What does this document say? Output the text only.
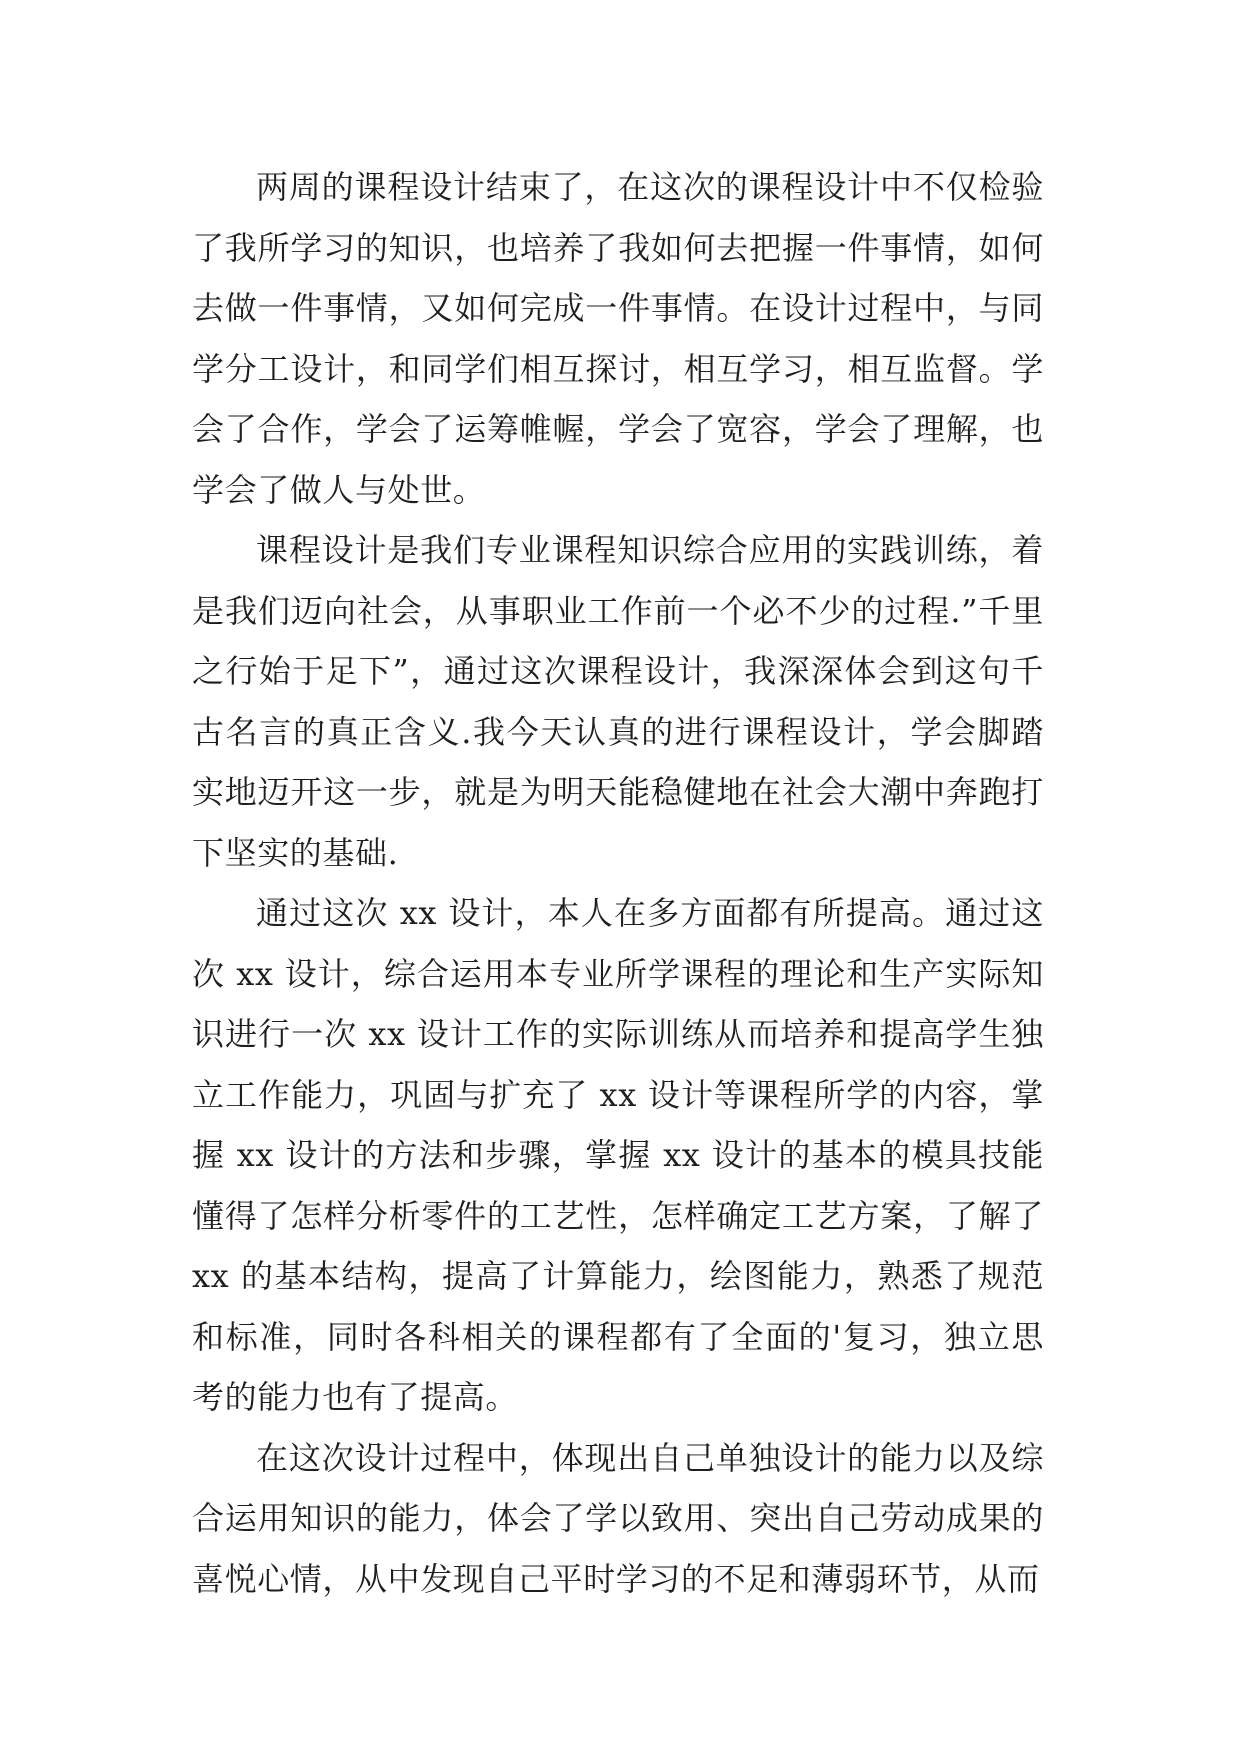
两周的课程设计结束了，在这次的课程设计中不仅检验了我所学习的知识，也培养了我如何去把握一件事情，如何去做一件事情，又如何完成一件事情。在设计过程中，与同学分工设计，和同学们相互探讨，相互学习，相互监督。学会了合作，学会了运筹帷幄，学会了宽容，学会了理解，也学会了做人与处世。

课程设计是我们专业课程知识综合应用的实践训练，着是我们迈向社会，从事职业工作前一个必不少的过程.”千里之行始于足下”，通过这次课程设计，我深深体会到这句千古名言的真正含义.我今天认真的进行课程设计，学会脚踏实地迈开这一步，就是为明天能稳健地在社会大潮中奔跑打下坚实的基础.

通过这次 xx 设计，本人在多方面都有所提高。通过这次 xx 设计，综合运用本专业所学课程的理论和生产实际知识进行一次 xx 设计工作的实际训练从而培养和提高学生独立工作能力，巩固与扩充了 xx 设计等课程所学的内容，掌握 xx 设计的方法和步骤，掌握 xx 设计的基本的模具技能懂得了怎样分析零件的工艺性，怎样确定工艺方案，了解了 xx 的基本结构，提高了计算能力，绘图能力，熟悉了规范和标准，同时各科相关的课程都有了全面的'复习，独立思考的能力也有了提高。

在这次设计过程中，体现出自己单独设计的能力以及综合运用知识的能力，体会了学以致用、突出自己劳动成果的喜悦心情，从中发现自己平时学习的不足和薄弱环节，从而
